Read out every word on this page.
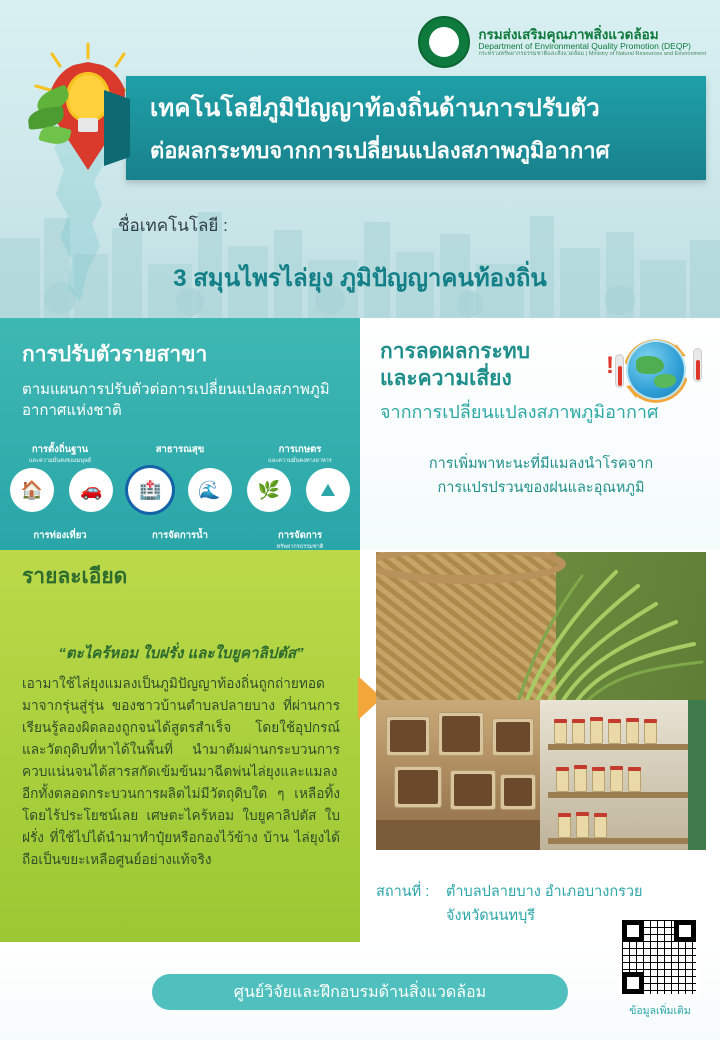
กรมส่งเสริมคุณภาพสิ่งแวดล้อม
Department of Environmental Quality Promotion (DEQP)
กระทรวงทรัพยากรธรรมชาติและสิ่งแวดล้อม | Ministry of Natural Resources and Environment
เทคโนโลยีภูมิปัญญาท้องถิ่นด้านการปรับตัว
ต่อผลกระทบจากการเปลี่ยนแปลงสภาพภูมิอากาศ
ชื่อเทคโนโลยี :
3 สมุนไพรไล่ยุง ภูมิปัญญาคนท้องถิ่น
การปรับตัวรายสาขา

ตามแผนการปรับตัวต่อการเปลี่ยนแปลงสภาพภูมิอากาศแห่งชาติ

การตั้งถิ่นฐาน
และความมั่นคงของมนุษย์
สาธารณสุข	การเกษตร
และความมั่นคงทางอาหาร
🏠	🚗	🏥	🌊	🌿	⛰
การท่องเที่ยว	การจัดการน้ำ	การจัดการ
ทรัพยากรธรรมชาติ
การลดผลกระทบ
และความเสี่ยง
จากการเปลี่ยนแปลงสภาพภูมิอากาศ
การเพิ่มพาหะนะที่มีแมลงนำโรคจาก
การแปรปรวนของฝนและอุณหภูมิ
!
รายละเอียด
“ตะไคร้หอม ใบฝรั่ง และใบยูคาลิปตัส”

เอามาใช้ไล่ยุงแมลงเป็นภูมิปัญญาท้องถิ่นถูกถ่ายทอดมาจากรุ่นสู่รุ่น ของชาวบ้านตำบลปลายบาง ที่ผ่านการเรียนรู้ลองผิดลองถูกจนได้สูตรสำเร็จ โดยใช้อุปกรณ์และวัตถุดิบที่หาได้ในพื้นที่ นำมาตัมผ่านกระบวนการควบแน่นจนได้สารสกัดเข้มข้นมาฉีดพ่นไล่ยุงและแมลงอีกทั้งตลอดกระบวนการผลิตไม่มีวัตถุดิบใด ๆ เหลือทิ้งโดยไร้ประโยชน์เลย เศษตะไคร้หอม ใบยูคาลิปตัส ใบฝรั่ง ที่ใช้ไปได้นำมาทำปุ๋ยหรือกองไว้ข้าง บ้าน ไล่ยุงได้ ถือเป็นขยะเหลือศูนย์อย่างแท้จริง

สถานที่ : ตำบลปลายบาง อำเภอบางกรวย
จังหวัดนนทบุรี
ข้อมูลเพิ่มเติม
ศูนย์วิจัยและฝึกอบรมด้านสิ่งแวดล้อม
